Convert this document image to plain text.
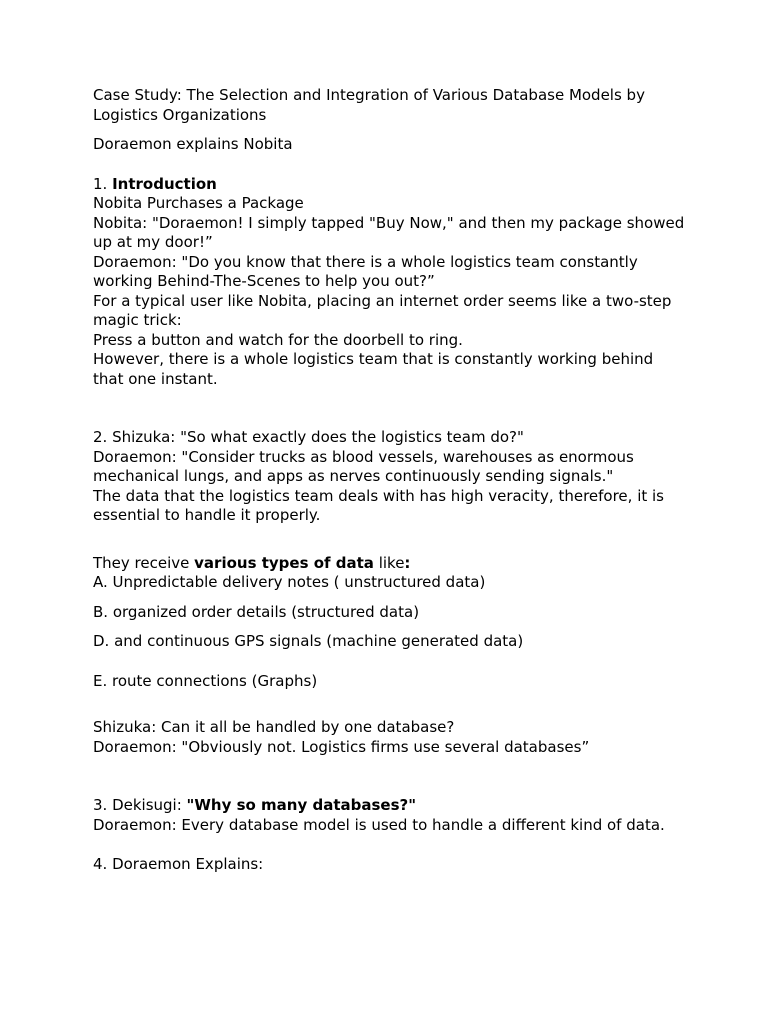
Case Study: The Selection and Integration of Various Database Models by Logistics Organizations

Doraemon explains Nobita

1. Introduction

Nobita Purchases a Package

Nobita: "Doraemon! I simply tapped "Buy Now," and then my package showed up at my door!”

Doraemon: "Do you know that there is a whole logistics team constantly working Behind-The-Scenes to help you out?”

For a typical user like Nobita, placing an internet order seems like a two-step magic trick:

Press a button and watch for the doorbell to ring.

However, there is a whole logistics team that is constantly working behind that one instant.

2. Shizuka: "So what exactly does the logistics team do?"

Doraemon: "Consider trucks as blood vessels, warehouses as enormous mechanical lungs, and apps as nerves continuously sending signals."

The data that the logistics team deals with has high veracity, therefore, it is essential to handle it properly.

They receive various types of data like:

A. Unpredictable delivery notes ( unstructured data)

B. organized order details (structured data)

D. and continuous GPS signals (machine generated data)

E. route connections (Graphs)

Shizuka: Can it all be handled by one database?

Doraemon: "Obviously not. Logistics firms use several databases”

3. Dekisugi: "Why so many databases?"

Doraemon: Every database model is used to handle a different kind of data.

4. Doraemon Explains:
